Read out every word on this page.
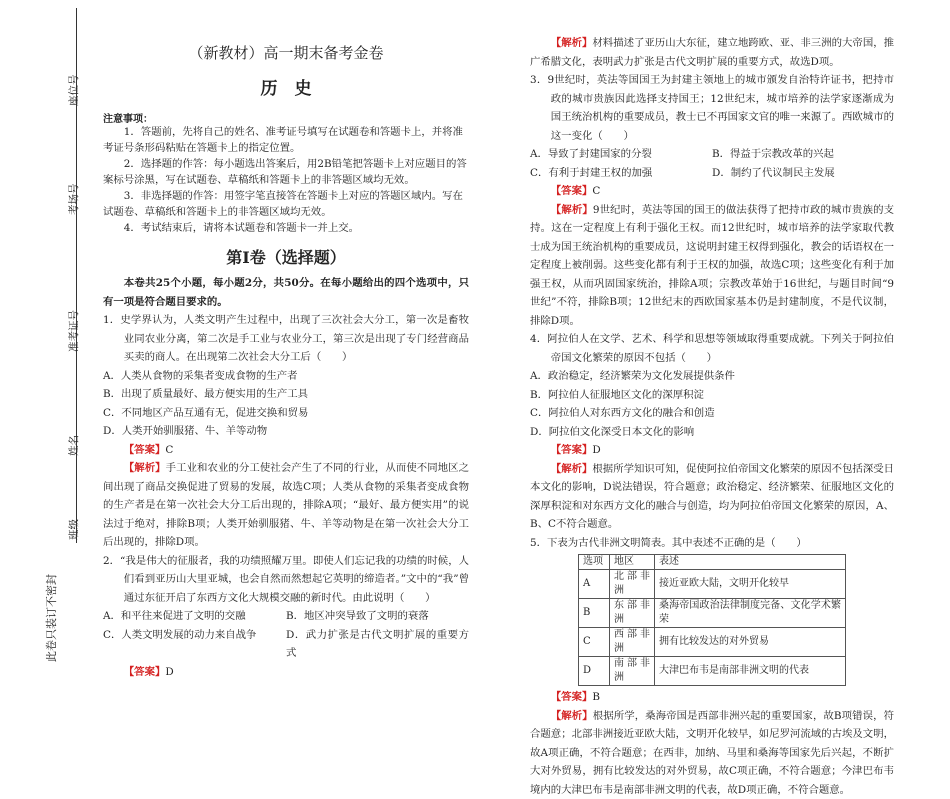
座位号
考场号
准考证号
姓名
班级
此卷只装订不密封
（新教材）高一期末备考金卷
历　史
注意事项：
1．答题前，先将自己的姓名、准考证号填写在试题卷和答题卡上，并将准考证号条形码粘贴在答题卡上的指定位置。
2．选择题的作答：每小题选出答案后，用2B铅笔把答题卡上对应题目的答案标号涂黑，写在试题卷、草稿纸和答题卡上的非答题区域均无效。
3．非选择题的作答：用签字笔直接答在答题卡上对应的答题区域内。写在试题卷、草稿纸和答题卡上的非答题区域均无效。
4．考试结束后，请将本试题卷和答题卡一并上交。
第Ⅰ卷（选择题）
本卷共25个小题，每小题2分，共50分。在每小题给出的四个选项中，只有一项是符合题目要求的。
1．史学界认为，人类文明产生过程中，出现了三次社会大分工，第一次是畜牧业同农业分离，第二次是手工业与农业分工，第三次是出现了专门经营商品买卖的商人。在出现第二次社会大分工后（　　）
A．人类从食物的采集者变成食物的生产者
B．出现了质量最好、最方便实用的生产工具
C．不同地区产品互通有无，促进交换和贸易
D．人类开始驯服猪、牛、羊等动物
【答案】C
【解析】手工业和农业的分工使社会产生了不同的行业，从而使不同地区之间出现了商品交换促进了贸易的发展，故选C项；人类从食物的采集者变成食物的生产者是在第一次社会大分工后出现的，排除A项；“最好、最方便实用”的说法过于绝对，排除B项；人类开始驯服猪、牛、羊等动物是在第一次社会大分工后出现的，排除D项。
2．“我是伟大的征服者，我的功绩照耀万里。即使人们忘记我的功绩的时候，人们看到亚历山大里亚城，也会自然而然想起它英明的缔造者。”文中的“我”曾通过东征开启了东西方文化大规模交融的新时代。由此说明（　　）
A．和平往来促进了文明的交融	B．地区冲突导致了文明的衰落
C．人类文明发展的动力来自战争	D．武力扩张是古代文明扩展的重要方式
【答案】D
【解析】材料描述了亚历山大东征，建立地跨欧、亚、非三洲的大帝国，推广希腊文化，表明武力扩张是古代文明扩展的重要方式，故选D项。
3．9世纪时，英法等国国王为封建主领地上的城市颁发自治特许证书，把持市政的城市贵族因此选择支持国王；12世纪末，城市培养的法学家逐渐成为国王统治机构的重要成员，教士已不再国家文官的唯一来源了。西欧城市的这一变化（　　）
A．导致了封建国家的分裂	B．得益于宗教改革的兴起
C．有利于封建王权的加强	D．制约了代议制民主发展
【答案】C
【解析】9世纪时，英法等国的国王的做法获得了把持市政的城市贵族的支持。这在一定程度上有利于强化王权。而12世纪时，城市培养的法学家取代教士成为国王统治机构的重要成员，这说明封建王权得到强化，教会的话语权在一定程度上被削弱。这些变化都有利于王权的加强，故选C项；这些变化有利于加强王权，从而巩固国家统治，排除A项；宗教改革始于16世纪，与题目时间“9世纪”不符，排除B项；12世纪末的西欧国家基本仍是封建制度，不是代议制，排除D项。
4．阿拉伯人在文学、艺术、科学和思想等领域取得重要成就。下列关于阿拉伯帝国文化繁荣的原因不包括（　　）
A．政治稳定，经济繁荣为文化发展提供条件
B．阿拉伯人征服地区文化的深厚积淀
C．阿拉伯人对东西方文化的融合和创造
D．阿拉伯文化深受日本文化的影响
【答案】D
【解析】根据所学知识可知，促使阿拉伯帝国文化繁荣的原因不包括深受日本文化的影响，D说法错误，符合题意；政治稳定、经济繁荣、征服地区文化的深厚积淀和对东西方文化的融合与创造，均为阿拉伯帝国文化繁荣的原因，A、B、C不符合题意。
5．下表为古代非洲文明简表。其中表述不正确的是（　　）
选项	地区	表述
A	北部非洲	接近亚欧大陆，文明开化较早
B	东部非洲	桑海帝国政治法律制度完备、文化学术繁荣
C	西部非洲	拥有比较发达的对外贸易
D	南部非洲	大津巴布韦是南部非洲文明的代表
【答案】B
【解析】根据所学，桑海帝国是西部非洲兴起的重要国家，故B项错误，符合题意；北部非洲接近亚欧大陆，文明开化较早，如尼罗河流域的古埃及文明，故A项正确，不符合题意；在西非，加纳、马里和桑海等国家先后兴起，不断扩大对外贸易，拥有比较发达的对外贸易，故C项正确，不符合题意；今津巴布韦境内的大津巴布韦是南部非洲文明的代表，故D项正确，不符合题意。
